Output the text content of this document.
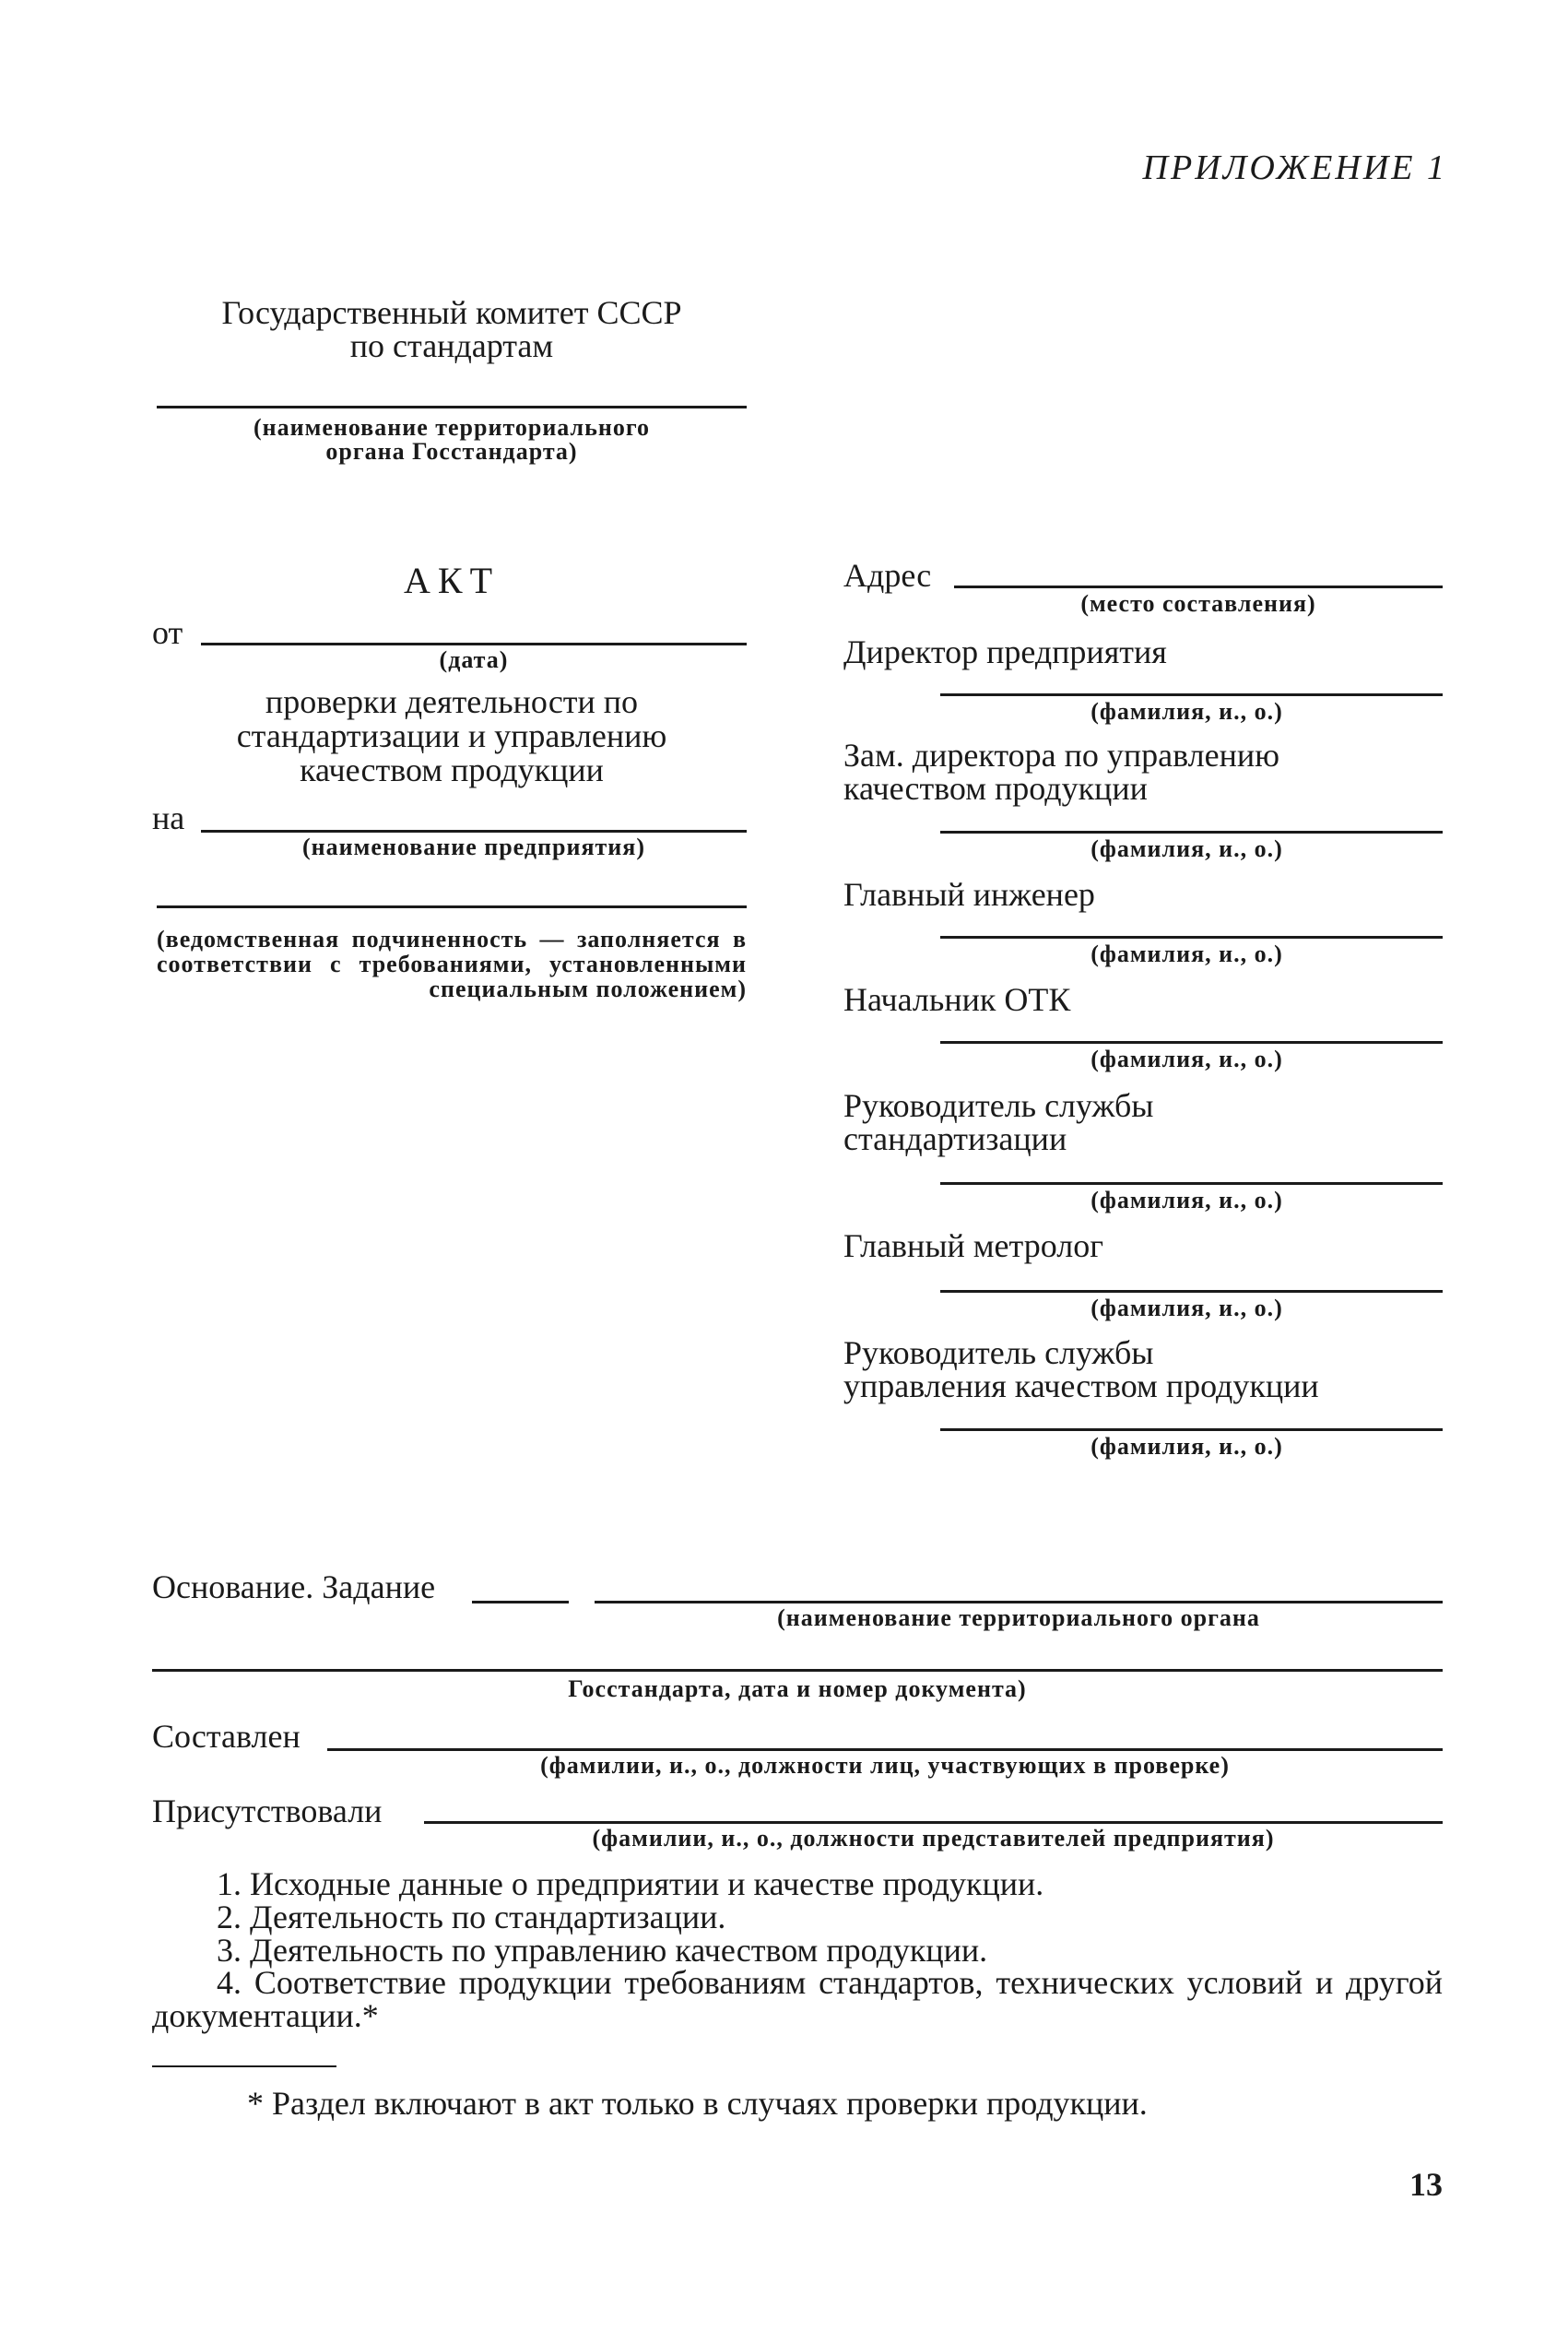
ПРИЛОЖЕНИЕ 1
Государственный комитет СССР
по стандартам
(наименование территориального
органа Госстандарта)
АКТ
от
(дата)
проверки деятельности по
стандартизации и управлению
качеством продукции
на
(наименование предприятия)
(ведомственная подчиненность — заполняется в соответствии с требованиями, установленными специальным положением)
Адрес
(место составления)
Директор предприятия
(фамилия, и., о.)
Зам. директора по управлению
качеством продукции
(фамилия, и., о.)
Главный инженер
(фамилия, и., о.)
Начальник ОТК
(фамилия, и., о.)
Руководитель службы
стандартизации
(фамилия, и., о.)
Главный метролог
(фамилия, и., о.)
Руководитель службы
управления качеством продукции
(фамилия, и., о.)
Основание. Задание
(наименование территориального органа
Госстандарта, дата и номер документа)
Составлен
(фамилии, и., о., должности лиц, участвующих в проверке)
Присутствовали
(фамилии, и., о., должности представителей предприятия)
1. Исходные данные о предприятии и качестве продукции.
2. Деятельность по стандартизации.
3. Деятельность по управлению качеством продукции.
4. Соответствие продукции требованиям стандартов, технических условий и другой документации.*
* Раздел включают в акт только в случаях проверки продукции.
13
